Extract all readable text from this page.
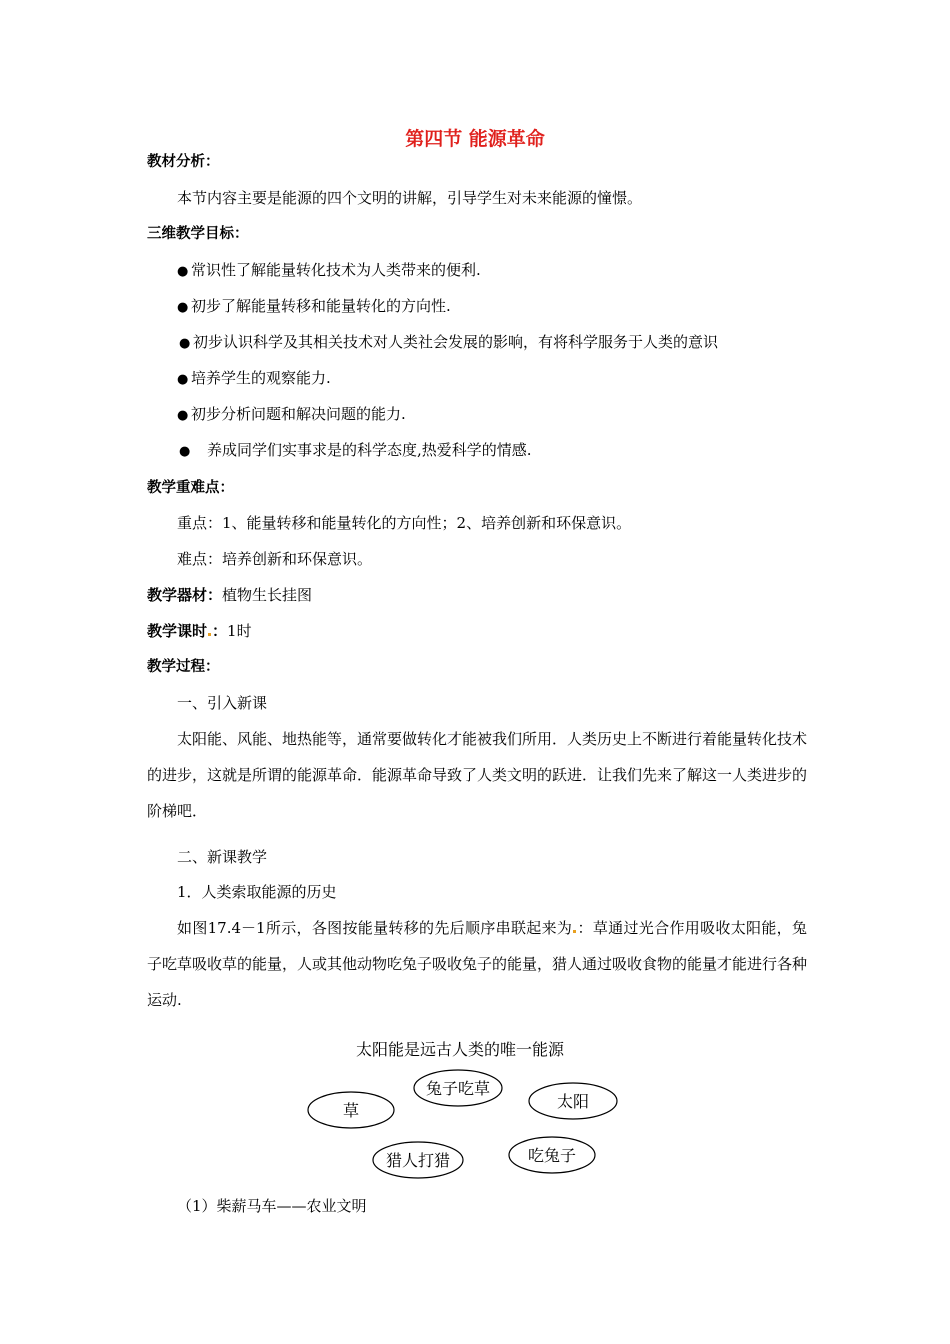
第四节 能源革命
教材分析：
本节内容主要是能源的四个文明的讲解，引导学生对未来能源的憧憬。
三维教学目标：
● 常识性了解能量转化技术为人类带来的便利.
● 初步了解能量转移和能量转化的方向性.
● 初步认识科学及其相关技术对人类社会发展的影响，有将科学服务于人类的意识
● 培养学生的观察能力.
● 初步分析问题和解决问题的能力.
● 养成同学们实事求是的科学态度,热爱科学的情感.
教学重难点：
重点：1、能量转移和能量转化的方向性；2、培养创新和环保意识。
难点：培养创新和环保意识。
教学器材：植物生长挂图
教学课时 ：1时
教学过程：
一、引入新课
太阳能、风能、地热能等，通常要做转化才能被我们所用．人类历史上不断进行着能量转化技术的进步，这就是所谓的能源革命．能源革命导致了人类文明的跃进．让我们先来了解这一人类进步的阶梯吧．
二、新课教学
1．人类索取能源的历史
如图17.4－1所示，各图按能量转移的先后顺序串联起来为 ：草通过光合作用吸收太阳能，兔子吃草吸收草的能量，人或其他动物吃兔子吸收兔子的能量，猎人通过吸收食物的能量才能进行各种运动.
太阳能是远古人类的唯一能源
兔子吃草
太阳
草
吃兔子
猎人打猎
（1）柴薪马车——农业文明
